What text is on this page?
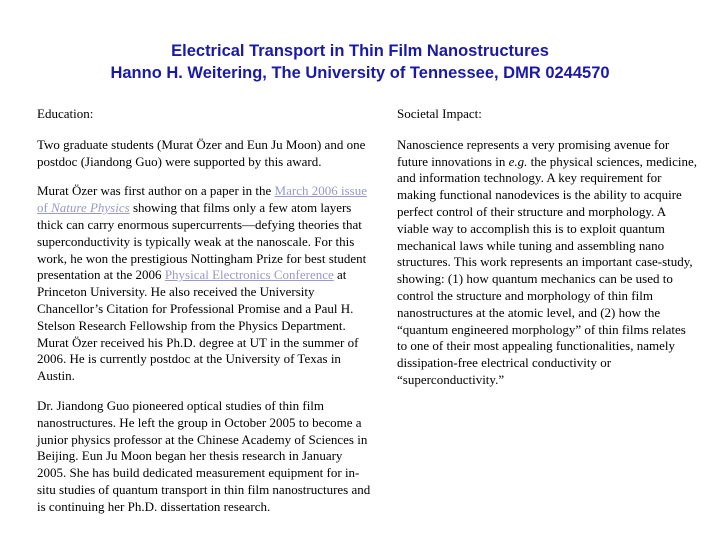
Electrical Transport in Thin Film Nanostructures
Hanno H. Weitering, The University of Tennessee, DMR 0244570

Education:

Two graduate students (Murat Özer and Eun Ju Moon) and one postdoc (Jiandong Guo) were supported by this award.

Murat Özer was first author on a paper in the March 2006 issue of Nature Physics showing that films only a few atom layers thick can carry enormous supercurrents—defying theories that superconductivity is typically weak at the nanoscale. For this work, he won the prestigious Nottingham Prize for best student presentation at the 2006 Physical Electronics Conference at Princeton University. He also received the University Chancellor’s Citation for Professional Promise and a Paul H. Stelson Research Fellowship from the Physics Department. Murat Özer received his Ph.D. degree at UT in the summer of 2006. He is currently postdoc at the University of Texas in Austin.

Dr. Jiandong Guo pioneered optical studies of thin film nanostructures. He left the group in October 2005 to become a junior physics professor at the Chinese Academy of Sciences in Beijing. Eun Ju Moon began her thesis research in January 2005. She has build dedicated measurement equipment for in-situ studies of quantum transport in thin film nanostructures and is continuing her Ph.D. dissertation research.

Societal Impact:

Nanoscience represents a very promising avenue for future innovations in e.g. the physical sciences, medicine, and information technology. A key requirement for making functional nanodevices is the ability to acquire perfect control of their structure and morphology. A viable way to accomplish this is to exploit quantum mechanical laws while tuning and assembling nano structures. This work represents an important case-study, showing: (1) how quantum mechanics can be used to control the structure and morphology of thin film nanostructures at the atomic level, and (2) how the “quantum engineered morphology” of thin films relates to one of their most appealing functionalities, namely dissipation-free electrical conductivity or “superconductivity.”
